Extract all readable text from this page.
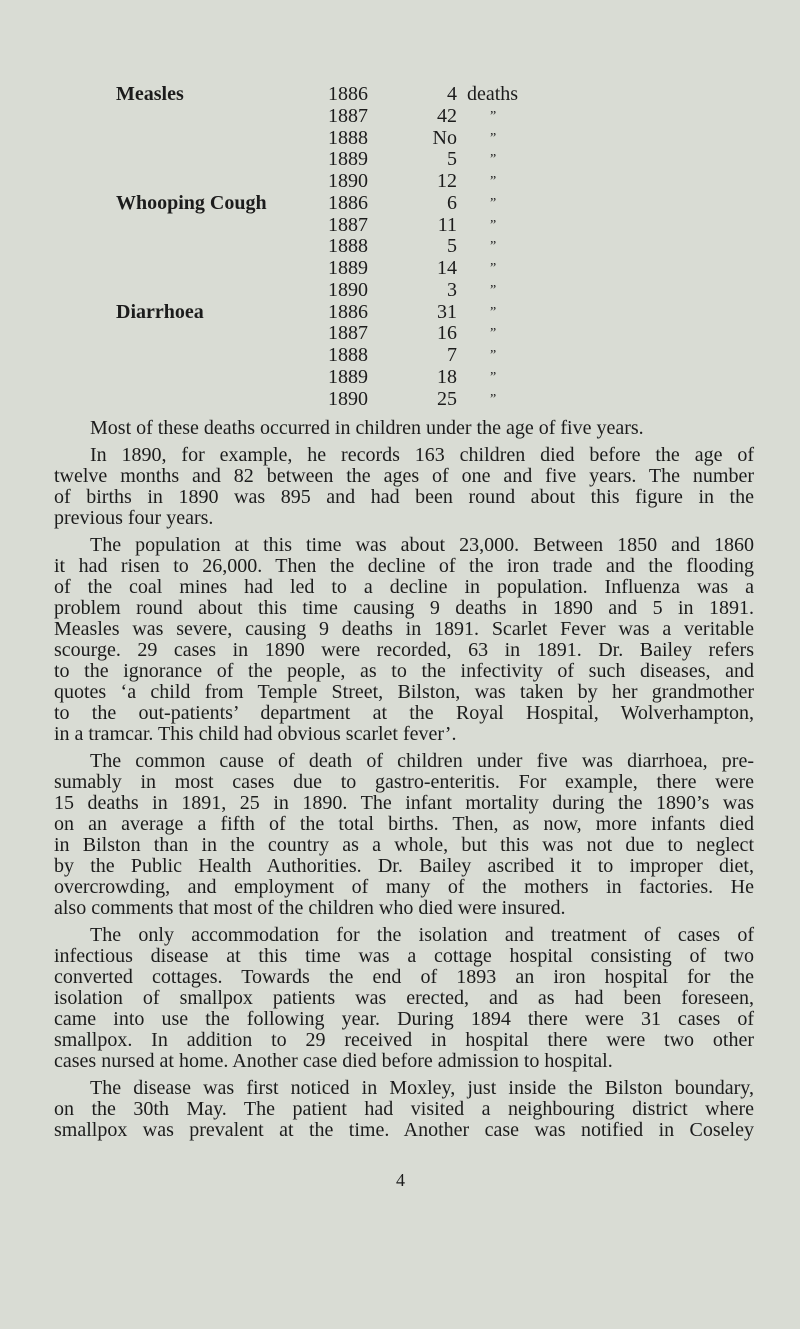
Measles	1886	4 deaths
1887	42 ”
1888	No ”
1889	5 ”
1890	12 ”
Whooping Cough	1886	6 ”
1887	11 ”
1888	5 ”
1889	14 ”
1890	3 ”
Diarrhoea	1886	31 ”
1887	16 ”
1888	7 ”
1889	18 ”
1890	25 ”
Most of these deaths occurred in children under the age of five years.
In 1890, for example, he records 163 children died before the age of
twelve months and 82 between the ages of one and five years. The number
of births in 1890 was 895 and had been round about this figure in the
previous four years.
The population at this time was about 23,000. Between 1850 and 1860
it had risen to 26,000. Then the decline of the iron trade and the flooding
of the coal mines had led to a decline in population. Influenza was a
problem round about this time causing 9 deaths in 1890 and 5 in 1891.
Measles was severe, causing 9 deaths in 1891. Scarlet Fever was a veritable
scourge. 29 cases in 1890 were recorded, 63 in 1891. Dr. Bailey refers
to the ignorance of the people, as to the infectivity of such diseases, and
quotes ‘a child from Temple Street, Bilston, was taken by her grandmother
to the out-patients’ department at the Royal Hospital, Wolverhampton,
in a tramcar. This child had obvious scarlet fever’.
The common cause of death of children under five was diarrhoea, pre-
sumably in most cases due to gastro-enteritis. For example, there were
15 deaths in 1891, 25 in 1890. The infant mortality during the 1890’s was
on an average a fifth of the total births. Then, as now, more infants died
in Bilston than in the country as a whole, but this was not due to neglect
by the Public Health Authorities. Dr. Bailey ascribed it to improper diet,
overcrowding, and employment of many of the mothers in factories. He
also comments that most of the children who died were insured.
The only accommodation for the isolation and treatment of cases of
infectious disease at this time was a cottage hospital consisting of two
converted cottages. Towards the end of 1893 an iron hospital for the
isolation of smallpox patients was erected, and as had been foreseen,
came into use the following year. During 1894 there were 31 cases of
smallpox. In addition to 29 received in hospital there were two other
cases nursed at home. Another case died before admission to hospital.
The disease was first noticed in Moxley, just inside the Bilston boundary,
on the 30th May. The patient had visited a neighbouring district where
smallpox was prevalent at the time. Another case was notified in Coseley
4
